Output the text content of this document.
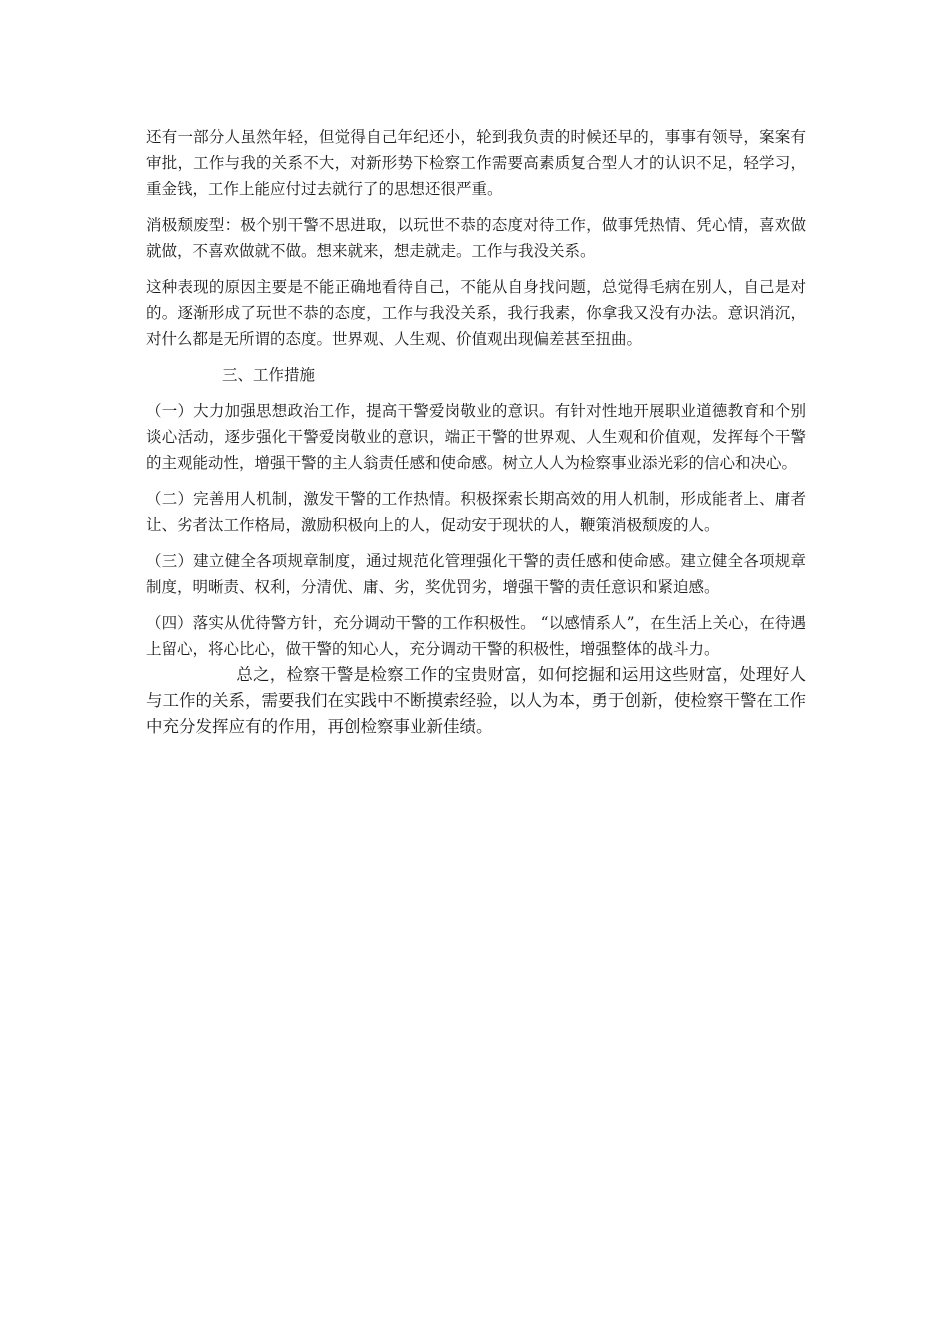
还有一部分人虽然年轻，但觉得自己年纪还小，轮到我负责的时候还早的，事事有领导，案案有审批，工作与我的关系不大，对新形势下检察工作需要高素质复合型人才的认识不足，轻学习，重金钱，工作上能应付过去就行了的思想还很严重。

消极颓废型：极个别干警不思进取，以玩世不恭的态度对待工作，做事凭热情、凭心情，喜欢做就做，不喜欢做就不做。想来就来，想走就走。工作与我没关系。

这种表现的原因主要是不能正确地看待自己，不能从自身找问题，总觉得毛病在别人，自己是对的。逐渐形成了玩世不恭的态度，工作与我没关系，我行我素，你拿我又没有办法。意识消沉，对什么都是无所谓的态度。世界观、人生观、价值观出现偏差甚至扭曲。

三、工作措施

（一）大力加强思想政治工作，提高干警爱岗敬业的意识。有针对性地开展职业道德教育和个别谈心活动，逐步强化干警爱岗敬业的意识，端正干警的世界观、人生观和价值观，发挥每个干警的主观能动性，增强干警的主人翁责任感和使命感。树立人人为检察事业添光彩的信心和决心。

（二）完善用人机制，激发干警的工作热情。积极探索长期高效的用人机制，形成能者上、庸者让、劣者汰工作格局，激励积极向上的人，促动安于现状的人，鞭策消极颓废的人。

（三）建立健全各项规章制度，通过规范化管理强化干警的责任感和使命感。建立健全各项规章制度，明晰责、权利，分清优、庸、劣，奖优罚劣，增强干警的责任意识和紧迫感。

（四）落实从优待警方针，充分调动干警的工作积极性。 “以感情系人”，在生活上关心，在待遇上留心，将心比心，做干警的知心人，充分调动干警的积极性，增强整体的战斗力。

总之，检察干警是检察工作的宝贵财富，如何挖掘和运用这些财富，处理好人与工作的关系，需要我们在实践中不断摸索经验，以人为本，勇于创新，使检察干警在工作中充分发挥应有的作用，再创检察事业新佳绩。
